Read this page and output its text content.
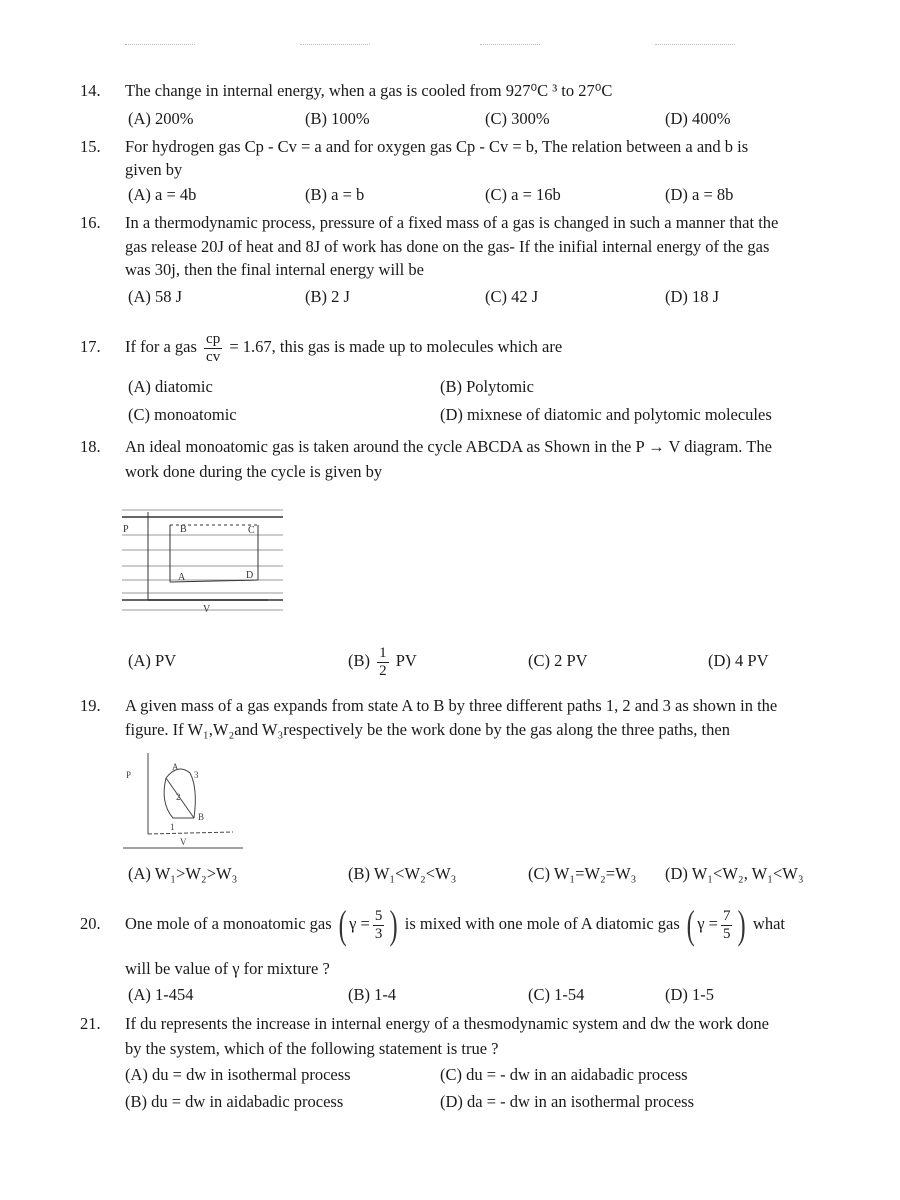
14. The change in internal energy, when a gas is cooled from 927⁰C ³ to 27⁰C
(A) 200%	(B) 100%	(C) 300%	(D) 400%
15. For hydrogen gas Cp - Cv = a and for oxygen gas Cp - Cv = b, The relation between a and b is
given by
(A) a = 4b	(B) a = b	(C) a = 16b	(D) a = 8b
16. In a thermodynamic process, pressure of a fixed mass of a gas is changed in such a manner that the
gas release 20J of heat and 8J of work has done on the gas- If the inifial internal energy of the gas
was 30j, then the final internal energy will be
(A) 58 J	(B) 2 J	(C) 42 J	(D) 18 J
17. If for a gas $\frac{cp}{cv} = 1.67$, this gas is made up to molecules which are
(A) diatomic	(B) Polytomic
(C) monoatomic	(D) mixnese of diatomic and polytomic molecules
18. An ideal monoatomic gas is taken around the cycle ABCDA as Shown in the P → V diagram. The
work done during the cycle is given by
P
V
A
B	C
D
(A) PV	$(B) \frac{1}{2}$ PV	(C) 2 PV	(D) 4 PV
19. A given mass of a gas expands from state A to B by three different paths 1, 2 and 3 as shown in the
figure. If W₁,W₂and W₃respectively be the work done by the gas along the three paths, then
P
V
A
B
1
2
3
(A) W₁>W₂>W₃	(B) W₁<W₂<W₃	(C) W₁=W₂=W₃ (D) W₁<W₂, W₁<W₃
20. One mole of a monoatomic gas ( $\gamma = \frac{5}{3}$ ) is mixed with one mole of A diatomic gas ( $\gamma = \frac{7}{5}$ ) what
will be value of γ for mixture ?
(A) 1-454	(B) 1-4	(C) 1-54	(D) 1-5
21. If du represents the increase in internal energy of a thesmodynamic system and dw the work done
by the system, which of the following statement is true ?
(A) du = dw in isothermal process	(C) du = - dw in an aidabadic process
(B) du = dw in aidabadic process	(D) da = - dw in an isothermal process
